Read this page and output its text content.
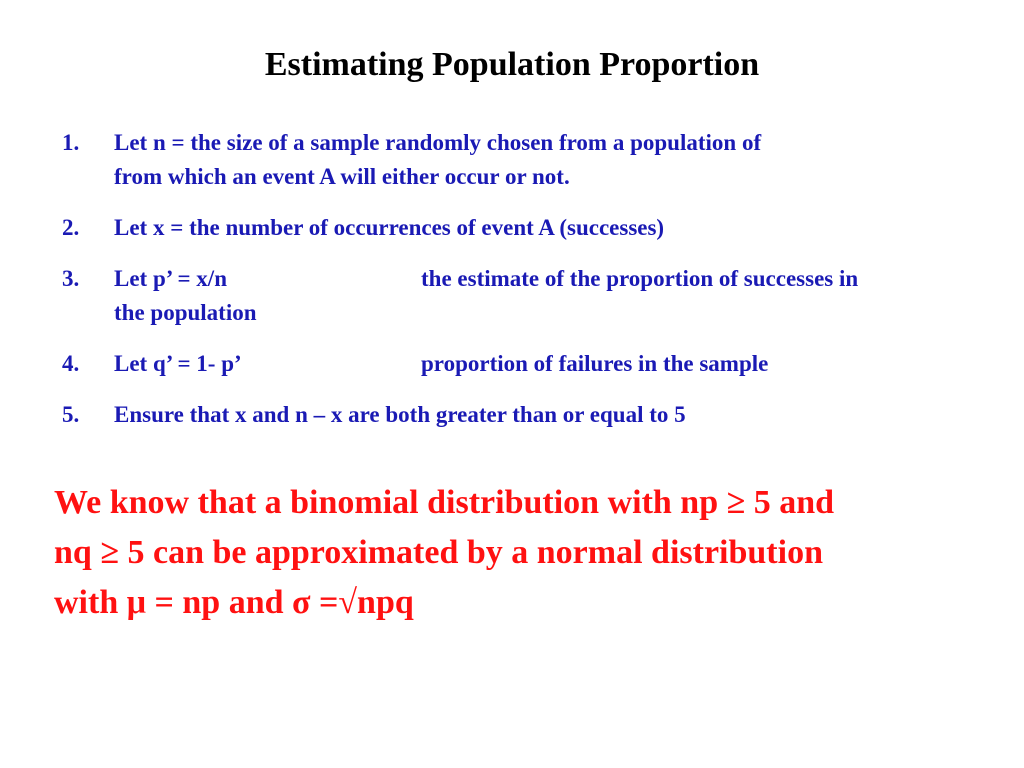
Estimating Population Proportion
1.	Let n = the size of a sample randomly chosen from a population of
from which an event A will either occur or not.
2.	Let x = the number of occurrences of event A (successes)
3.	Let p’ = x/n	the estimate of the proportion of successes in
the population
4.	Let q’ = 1- p’	proportion of failures in the sample
5.	Ensure that x and n – x are both greater than or equal to 5
We know that a binomial distribution with np ≥ 5 and
nq ≥ 5 can be approximated by a normal distribution
with μ = np and σ =√npq
